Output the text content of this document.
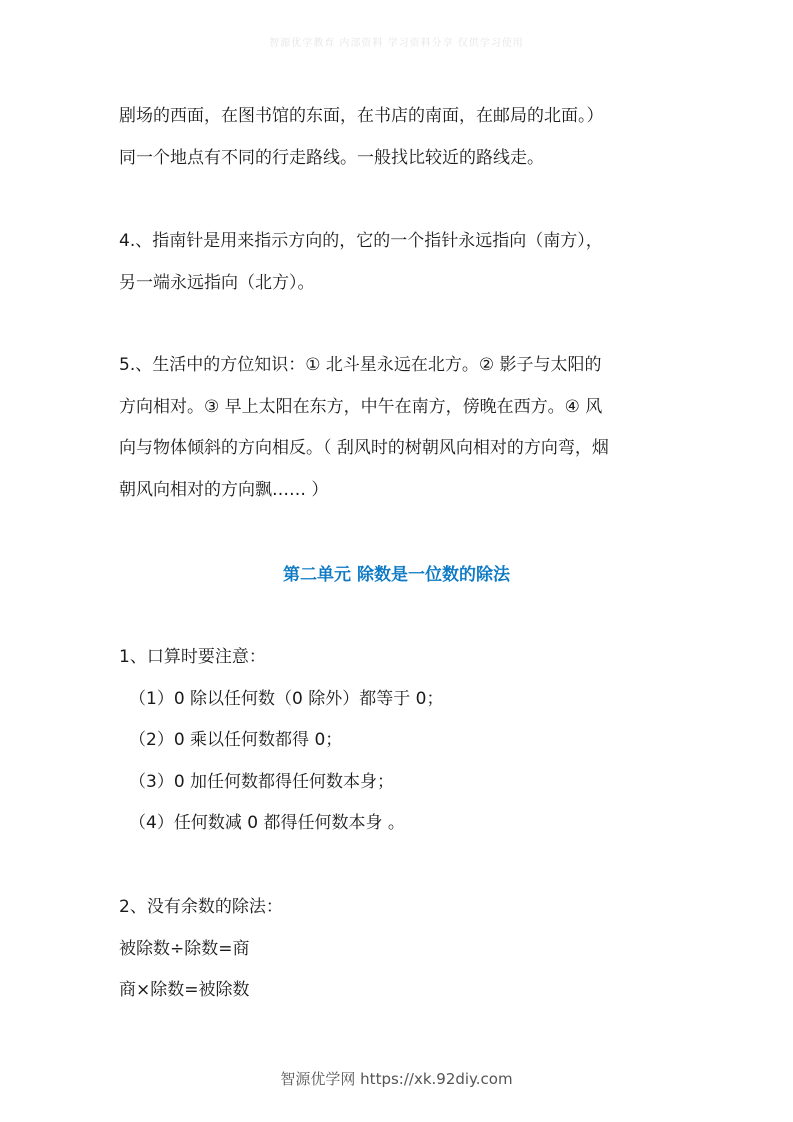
智源优学教育 内部资料 学习资料分享 仅供学习使用
剧场的西面，在图书馆的东面，在书店的南面，在邮局的北面。）
同一个地点有不同的行走路线。一般找比较近的路线走。
4.、指南针是用来指示方向的，它的一个指针永远指向（南方），
另一端永远指向（北方）。
5.、生活中的方位知识：① 北斗星永远在北方。② 影子与太阳的
方向相对。③ 早上太阳在东方，中午在南方，傍晚在西方。④ 风
向与物体倾斜的方向相反。（ 刮风时的树朝风向相对的方向弯，烟
朝风向相对的方向飘…… ）
第二单元 除数是一位数的除法
1、口算时要注意：
（1）0 除以任何数（0 除外）都等于 0；
（2）0 乘以任何数都得 0；
（3）0 加任何数都得任何数本身；
（4）任何数减 0 都得任何数本身 。
2、没有余数的除法：
被除数÷除数=商
商×除数=被除数
智源优学网 https://xk.92diy.com
